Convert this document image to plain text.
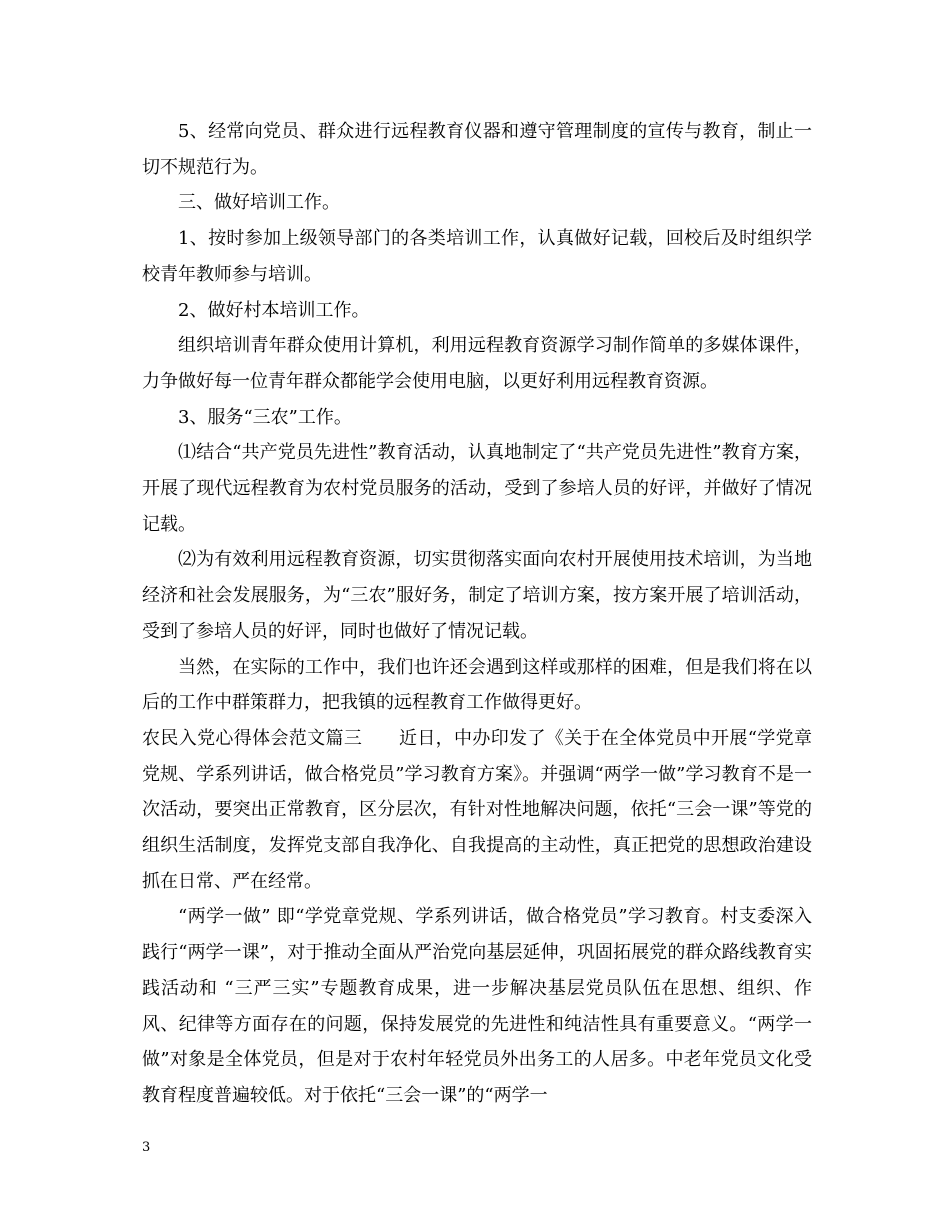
5、经常向党员、群众进行远程教育仪器和遵守管理制度的宣传与教育，制止一切不规范行为。

三、做好培训工作。

1、按时参加上级领导部门的各类培训工作，认真做好记载，回校后及时组织学校青年教师参与培训。

2、做好村本培训工作。

组织培训青年群众使用计算机，利用远程教育资源学习制作简单的多媒体课件，力争做好每一位青年群众都能学会使用电脑，以更好利用远程教育资源。

3、服务“三农”工作。

⑴结合“共产党员先进性”教育活动，认真地制定了“共产党员先进性”教育方案，开展了现代远程教育为农村党员服务的活动，受到了参培人员的好评，并做好了情况记载。

⑵为有效利用远程教育资源，切实贯彻落实面向农村开展使用技术培训，为当地经济和社会发展服务，为“三农”服好务，制定了培训方案，按方案开展了培训活动，受到了参培人员的好评，同时也做好了情况记载。

当然，在实际的工作中，我们也许还会遇到这样或那样的困难，但是我们将在以后的工作中群策群力，把我镇的远程教育工作做得更好。

农民入党心得体会范文篇三　　近日，中办印发了《关于在全体党员中开展“学党章党规、学系列讲话，做合格党员”学习教育方案》。并强调“两学一做”学习教育不是一次活动，要突出正常教育，区分层次，有针对性地解决问题，依托“三会一课”等党的组织生活制度，发挥党支部自我净化、自我提高的主动性，真正把党的思想政治建设抓在日常、严在经常。

“两学一做” 即“学党章党规、学系列讲话，做合格党员”学习教育。村支委深入践行“两学一课”，对于推动全面从严治党向基层延伸，巩固拓展党的群众路线教育实践活动和 “三严三实”专题教育成果，进一步解决基层党员队伍在思想、组织、作风、纪律等方面存在的问题，保持发展党的先进性和纯洁性具有重要意义。“两学一做”对象是全体党员，但是对于农村年轻党员外出务工的人居多。中老年党员文化受教育程度普遍较低。对于依托“三会一课”的“两学一

3
